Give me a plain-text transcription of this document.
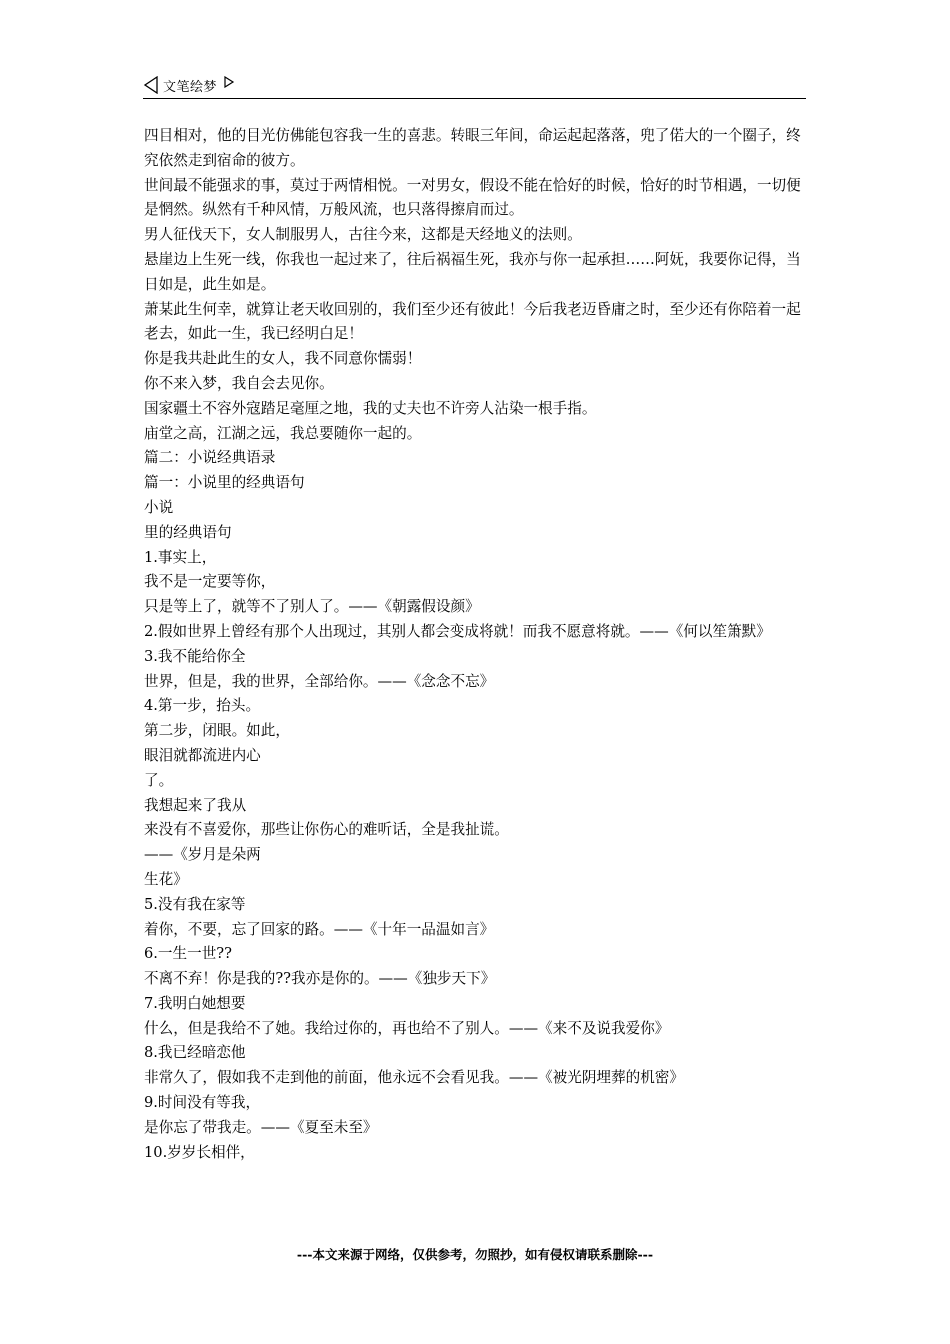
文笔绘梦

四目相对，他的目光仿佛能包容我一生的喜悲。转眼三年间，命运起起落落，兜了偌大的一个圈子，终究依然走到宿命的彼方。

世间最不能强求的事，莫过于两情相悦。一对男女，假设不能在恰好的时候，恰好的时节相遇，一切便是惘然。纵然有千种风情，万般风流，也只落得擦肩而过。

男人征伐天下，女人制服男人，古往今来，这都是天经地义的法则。

悬崖边上生死一线，你我也一起过来了，往后祸福生死，我亦与你一起承担……阿妩，我要你记得，当日如是，此生如是。

萧某此生何幸，就算让老天收回别的，我们至少还有彼此！今后我老迈昏庸之时，至少还有你陪着一起老去，如此一生，我已经明白足！

你是我共赴此生的女人，我不同意你懦弱！

你不来入梦，我自会去见你。

国家疆土不容外寇踏足毫厘之地，我的丈夫也不许旁人沾染一根手指。

庙堂之高，江湖之远，我总要随你一起的。

篇二：小说经典语录

篇一：小说里的经典语句

小说

里的经典语句

1.事实上，

我不是一定要等你，

只是等上了，就等不了别人了。——《朝露假设颜》

2.假如世界上曾经有那个人出现过，其别人都会变成将就！而我不愿意将就。——《何以笙箫默》

3.我不能给你全

世界，但是，我的世界，全部给你。——《念念不忘》

4.第一步，抬头。

第二步，闭眼。如此，

眼泪就都流进内心

了。

我想起来了我从

来没有不喜爱你，那些让你伤心的难听话，全是我扯谎。

——《岁月是朵两

生花》

5.没有我在家等

着你，不要，忘了回家的路。——《十年一品温如言》

6.一生一世??

不离不弃！你是我的??我亦是你的。——《独步天下》

7.我明白她想要

什么，但是我给不了她。我给过你的，再也给不了别人。——《来不及说我爱你》

8.我已经暗恋他

非常久了，假如我不走到他的前面，他永远不会看见我。——《被光阴埋葬的机密》

9.时间没有等我，

是你忘了带我走。——《夏至未至》

10.岁岁长相伴，

---本文来源于网络，仅供参考，勿照抄，如有侵权请联系删除---
